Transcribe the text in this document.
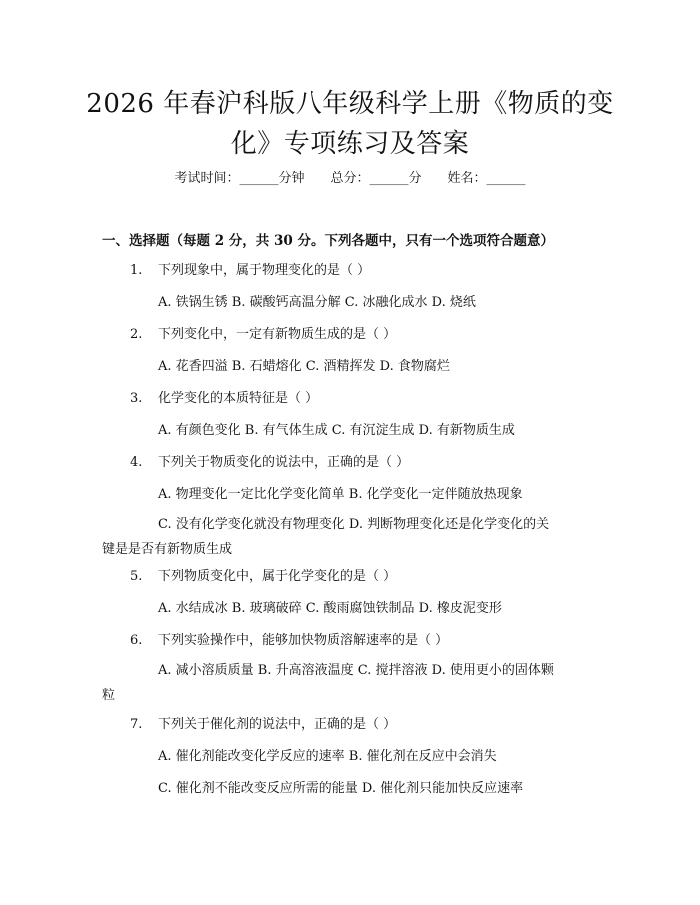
2026 年春沪科版八年级科学上册《物质的变
化》专项练习及答案
考试时间：______分钟 总分：______分 姓名：______
一、选择题（每题 2 分，共 30 分。下列各题中，只有一个选项符合题意）
1. 下列现象中，属于物理变化的是（ ）
A. 铁锅生锈 B. 碳酸钙高温分解 C. 冰融化成水 D. 烧纸
2. 下列变化中，一定有新物质生成的是（ ）
A. 花香四溢 B. 石蜡熔化 C. 酒精挥发 D. 食物腐烂
3. 化学变化的本质特征是（ ）
A. 有颜色变化 B. 有气体生成 C. 有沉淀生成 D. 有新物质生成
4. 下列关于物质变化的说法中，正确的是（ ）
A. 物理变化一定比化学变化简单 B. 化学变化一定伴随放热现象
C. 没有化学变化就没有物理变化 D. 判断物理变化还是化学变化的关键是是否有新物质生成
5. 下列物质变化中，属于化学变化的是（ ）
A. 水结成冰 B. 玻璃破碎 C. 酸雨腐蚀铁制品 D. 橡皮泥变形
6. 下列实验操作中，能够加快物质溶解速率的是（ ）
A. 减小溶质质量 B. 升高溶液温度 C. 搅拌溶液 D. 使用更小的固体颗粒
7. 下列关于催化剂的说法中，正确的是（ ）
A. 催化剂能改变化学反应的速率 B. 催化剂在反应中会消失
C. 催化剂不能改变反应所需的能量 D. 催化剂只能加快反应速率
